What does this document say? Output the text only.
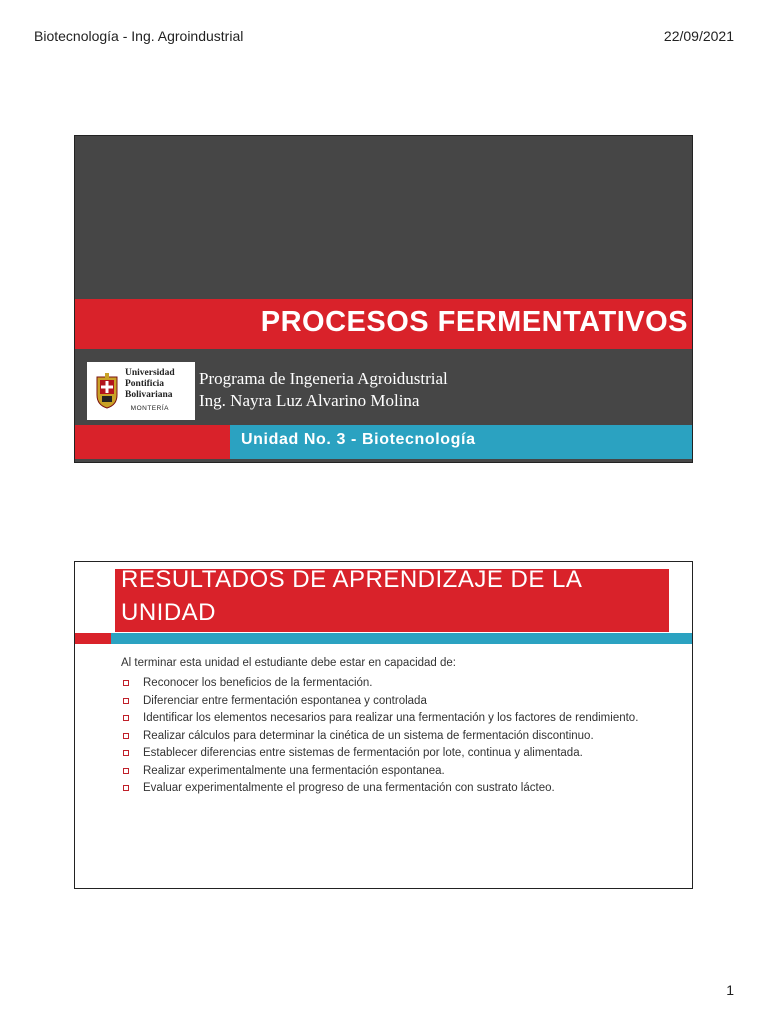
Biotecnología - Ing. Agroindustrial	22/09/2021
PROCESOS FERMENTATIVOS
Universidad
Pontificia
Bolivariana
MONTERÍA
Programa de Ingeneria Agroidustrial
Ing. Nayra Luz Alvarino Molina
Unidad No. 3 - Biotecnología
RESULTADOS DE APRENDIZAJE DE LA
UNIDAD
Al terminar esta unidad el estudiante debe estar en capacidad de:
Reconocer los beneficios de la fermentación.
Diferenciar entre fermentación espontanea y controlada
Identificar los elementos necesarios para realizar una fermentación y los factores de rendimiento.
Realizar cálculos para determinar la cinética de un sistema de fermentación discontinuo.
Establecer diferencias entre sistemas de fermentación por lote, continua y alimentada.
Realizar experimentalmente una fermentación espontanea.
Evaluar experimentalmente el progreso de una fermentación con sustrato lácteo.
1
